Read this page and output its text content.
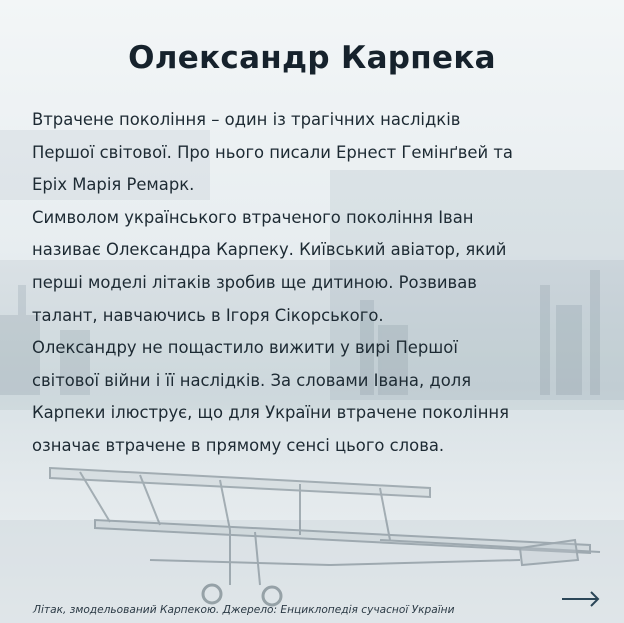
Олександр Карпека
Втрачене покоління – один із трагічних наслідків
Першої світової. Про нього писали Ернест Гемінґвей та
Еріх Марія Ремарк.
Символом українського втраченого покоління Іван
називає Олександра Карпеку. Київський авіатор, який
перші моделі літаків зробив ще дитиною. Розвивав
талант, навчаючись в Ігоря Сікорського.
Олександру не пощастило вижити у вирі Першої
світової війни і її наслідків. За словами Івана, доля
Карпеки ілюструє, що для України втрачене покоління
означає втрачене в прямому сенсі цього слова.
Літак, змодельований Карпекою. Джерело: Енциклопедія сучасної України
